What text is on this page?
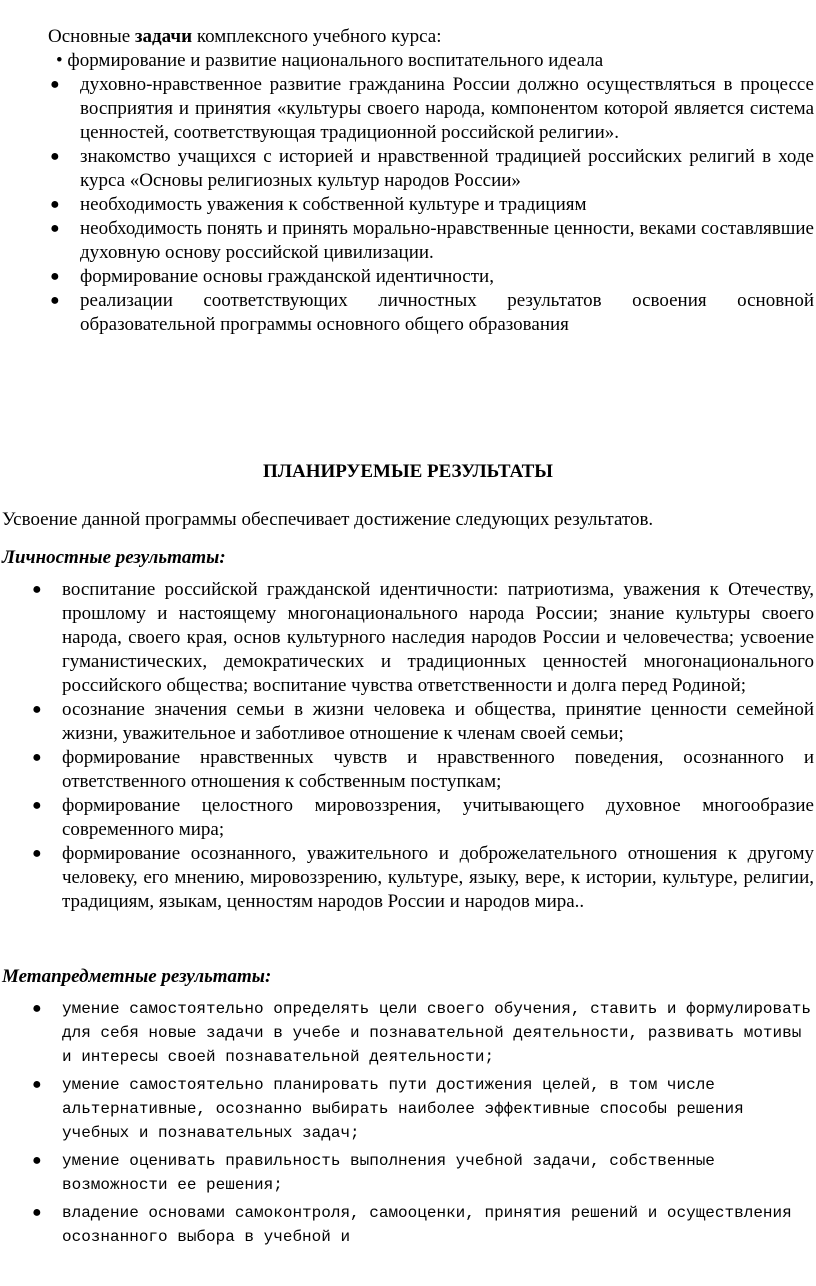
Основные задачи комплексного учебного курса:
• формирование и развитие национального воспитательного идеала
● духовно-нравственное развитие гражданина России должно осуществляться в процессе восприятия и принятия «культуры своего народа, компонентом которой является система ценностей, соответствующая традиционной российской религии».
● знакомство учащихся с историей и нравственной традицией российских религий в ходе курса «Основы религиозных культур народов России»
● необходимость уважения к собственной культуре и традициям
● необходимость понять и принять морально-нравственные ценности, веками составлявшие духовную основу российской цивилизации.
● формирование основы гражданской идентичности,
● реализации соответствующих личностных результатов освоения основной образовательной программы основного общего образования
ПЛАНИРУЕМЫЕ РЕЗУЛЬТАТЫ
Усвоение данной программы обеспечивает достижение следующих результатов.
Личностные результаты:
● воспитание российской гражданской идентичности: патриотизма, уважения к Отечеству, прошлому и настоящему многонационального народа России; знание культуры своего народа, своего края, основ культурного наследия народов России и человечества; усвоение гуманистических, демократических и традиционных ценностей многонационального российского общества; воспитание чувства ответственности и долга перед Родиной;
● осознание значения семьи в жизни человека и общества, принятие ценности семейной жизни, уважительное и заботливое отношение к членам своей семьи;
● формирование нравственных чувств и нравственного поведения, осознанного и ответственного отношения к собственным поступкам;
● формирование целостного мировоззрения, учитывающего духовное многообразие современного мира;
● формирование осознанного, уважительного и доброжелательного отношения к другому человеку, его мнению, мировоззрению, культуре, языку, вере, к истории, культуре, религии, традициям, языкам, ценностям народов России и народов мира..
Метапредметные результаты:
● умение самостоятельно определять цели своего обучения, ставить и формулировать для себя новые задачи в учебе и познавательной деятельности, развивать мотивы и интересы своей познавательной деятельности;
● умение самостоятельно планировать пути достижения целей, в том числе альтернативные, осознанно выбирать наиболее эффективные способы решения учебных и познавательных задач;
● умение оценивать правильность выполнения учебной задачи, собственные возможности ее решения;
● владение основами самоконтроля, самооценки, принятия решений и осуществления осознанного выбора в учебной и
